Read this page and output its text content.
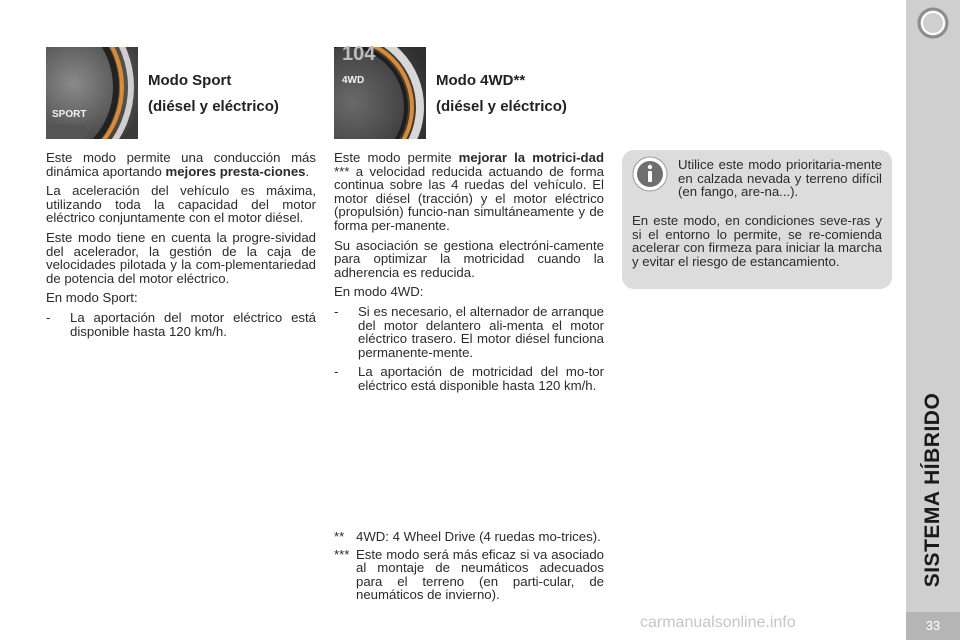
SPORT
Modo Sport
(diésel y eléctrico)

Este modo permite una conducción más dinámica aportando mejores presta-ciones.

La aceleración del vehículo es máxima, utilizando toda la capacidad del motor eléctrico conjuntamente con el motor diésel.

Este modo tiene en cuenta la progre-sividad del acelerador, la gestión de la caja de velocidades pilotada y la com-plementariedad de potencia del motor eléctrico.

En modo Sport:

-	La aportación del motor eléctrico está disponible hasta 120 km/h.
104
4WD	Modo 4WD**
(diésel y eléctrico)

Este modo permite mejorar la motrici-dad *** a velocidad reducida actuando de forma continua sobre las 4 ruedas del vehículo. El motor diésel (tracción) y el motor eléctrico (propulsión) funcio-nan simultáneamente y de forma per-manente.

Su asociación se gestiona electróni-camente para optimizar la motricidad cuando la adherencia es reducida.

En modo 4WD:

-	Si es necesario, el alternador de arranque del motor delantero ali-menta el motor eléctrico trasero. El motor diésel funciona permanente-mente.
-	La aportación de motricidad del mo-tor eléctrico está disponible hasta 120 km/h.
** 4WD: 4 Wheel Drive (4 ruedas mo-trices).
*** Este modo será más eficaz si va asociado al montaje de neumáticos adecuados para el terreno (en parti-cular, de neumáticos de invierno).

Utilice este modo prioritaria-mente en calzada nevada y terreno difícil (en fango, are-na...).

En este modo, en condiciones seve-ras y si el entorno lo permite, se re-comienda acelerar con firmeza para iniciar la marcha y evitar el riesgo de estancamiento.

SISTEMA HÍBRIDO
33
carmanualsonline.info
